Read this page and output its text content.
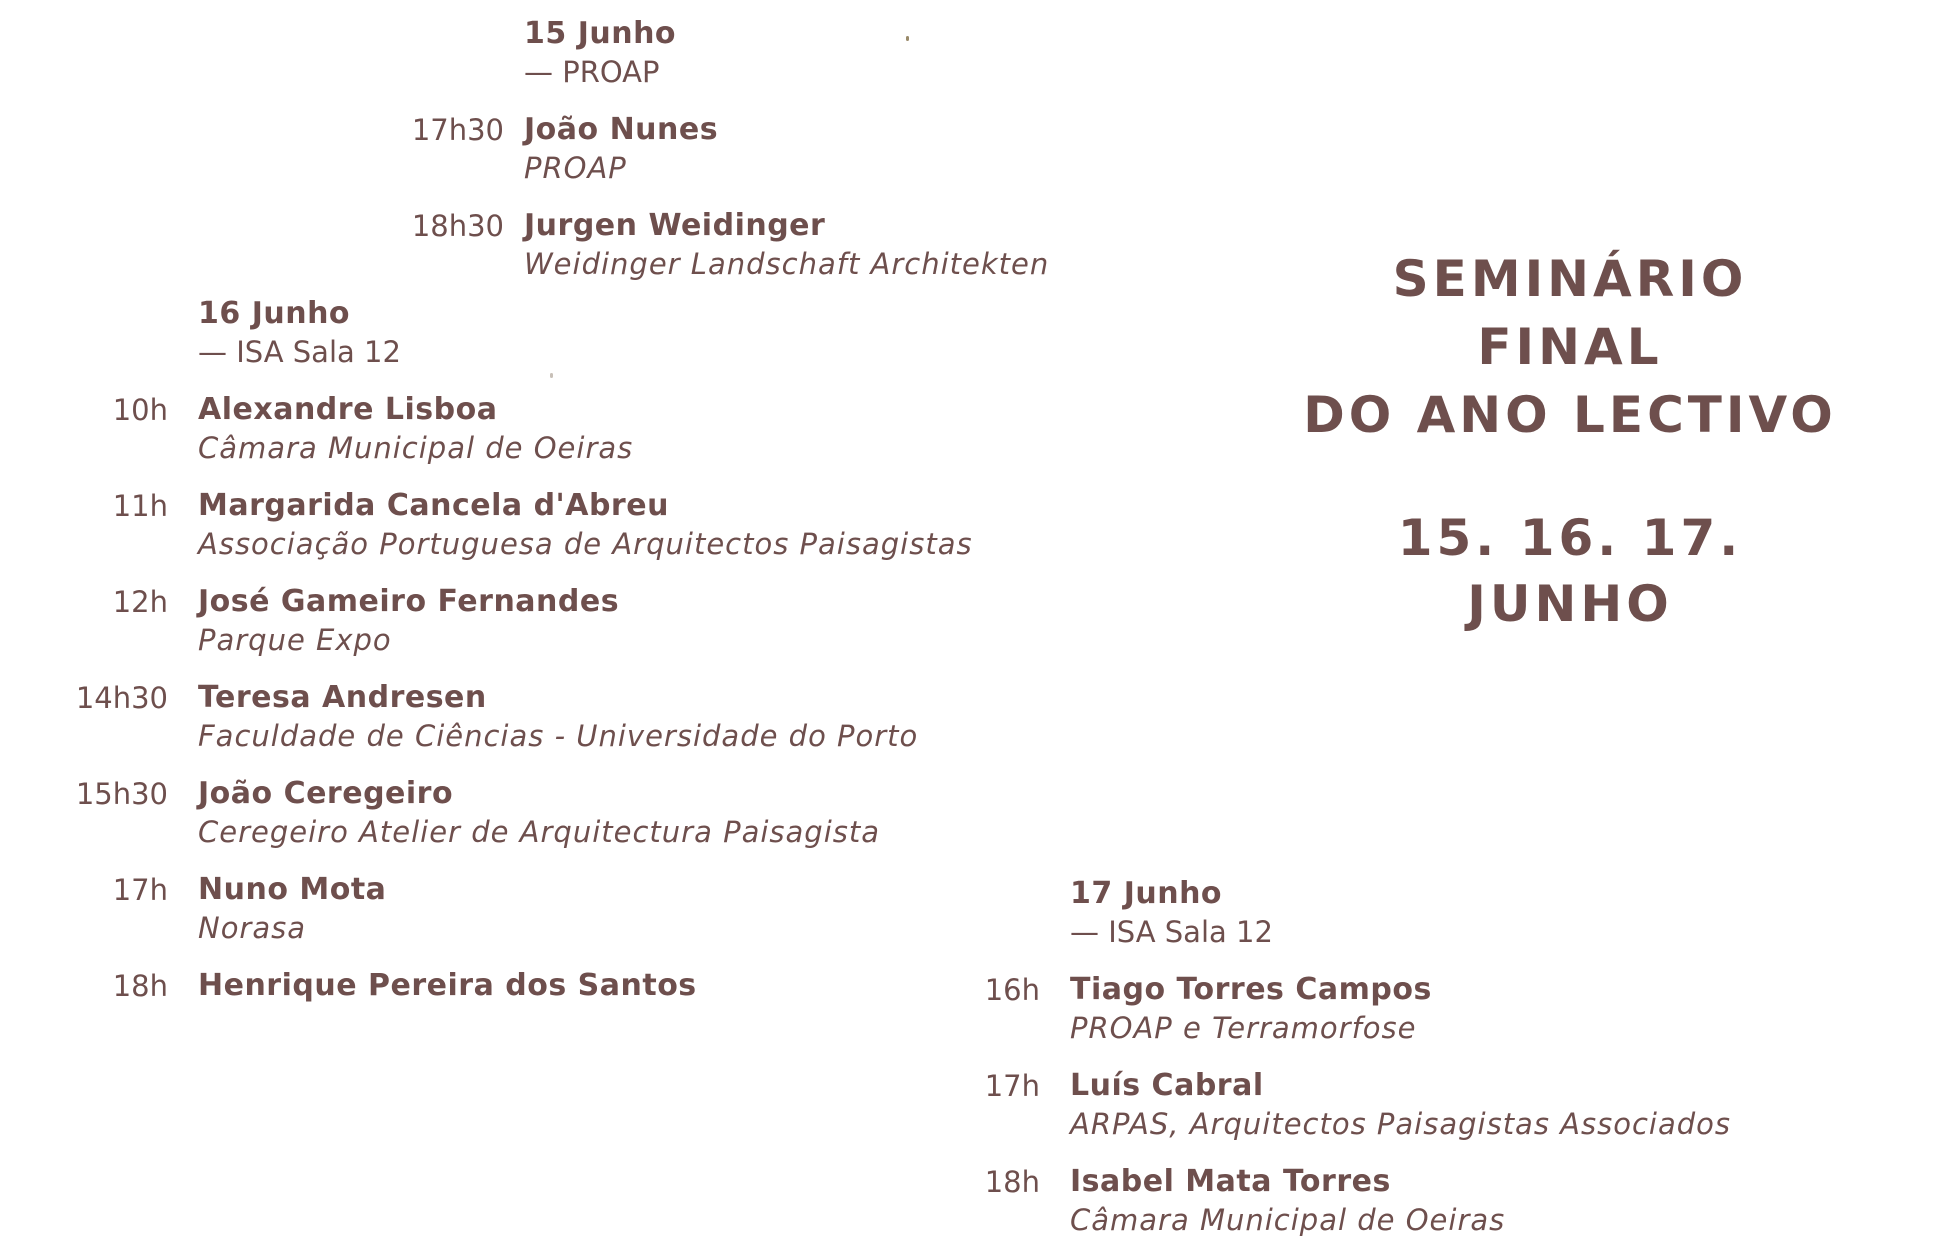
15 Junho
— PROAP
17h30 João Nunes
PROAP
18h30 Jurgen Weidinger
Weidinger Landschaft Architekten
16 Junho
— ISA Sala 12
10h Alexandre Lisboa
Câmara Municipal de Oeiras
11h Margarida Cancela d'Abreu
Associação Portuguesa de Arquitectos Paisagistas
12h José Gameiro Fernandes
Parque Expo
14h30 Teresa Andresen
Faculdade de Ciências - Universidade do Porto
15h30 João Ceregeiro
Ceregeiro Atelier de Arquitectura Paisagista
17h Nuno Mota
Norasa
18h Henrique Pereira dos Santos
17 Junho
— ISA Sala 12
16h Tiago Torres Campos
PROAP e Terramorfose
17h Luís Cabral
ARPAS, Arquitectos Paisagistas Associados
18h Isabel Mata Torres
Câmara Municipal de Oeiras
SEMINÁRIO
FINAL
DO ANO LECTIVO
15. 16. 17.
JUNHO
